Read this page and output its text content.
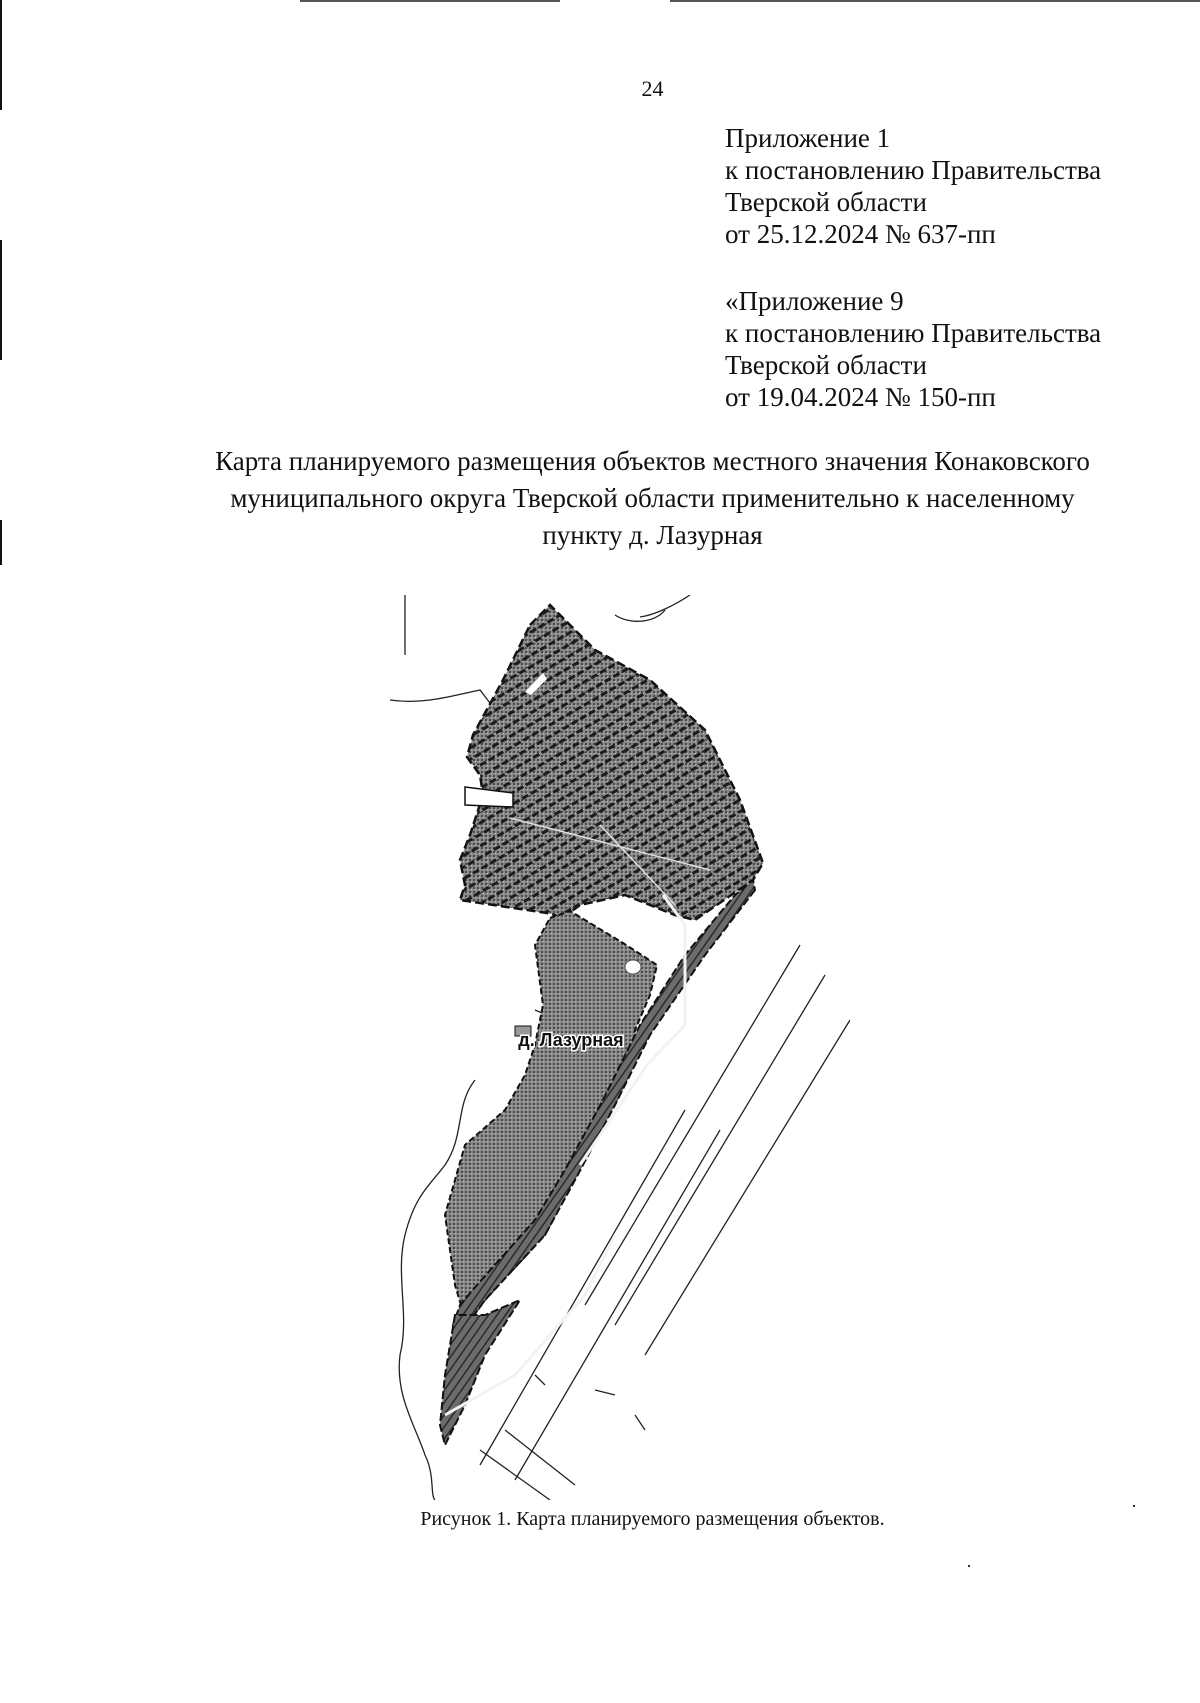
24
Приложение 1
к постановлению Правительства
Тверской области
от 25.12.2024 № 637-пп
«Приложение 9
к постановлению Правительства
Тверской области
от 19.04.2024 № 150-пп
Карта планируемого размещения объектов местного значения Конаковского
муниципального округа Тверской области применительно к населенному
пункту д. Лазурная
д. Лазурная
Рисунок 1. Карта планируемого размещения объектов.
